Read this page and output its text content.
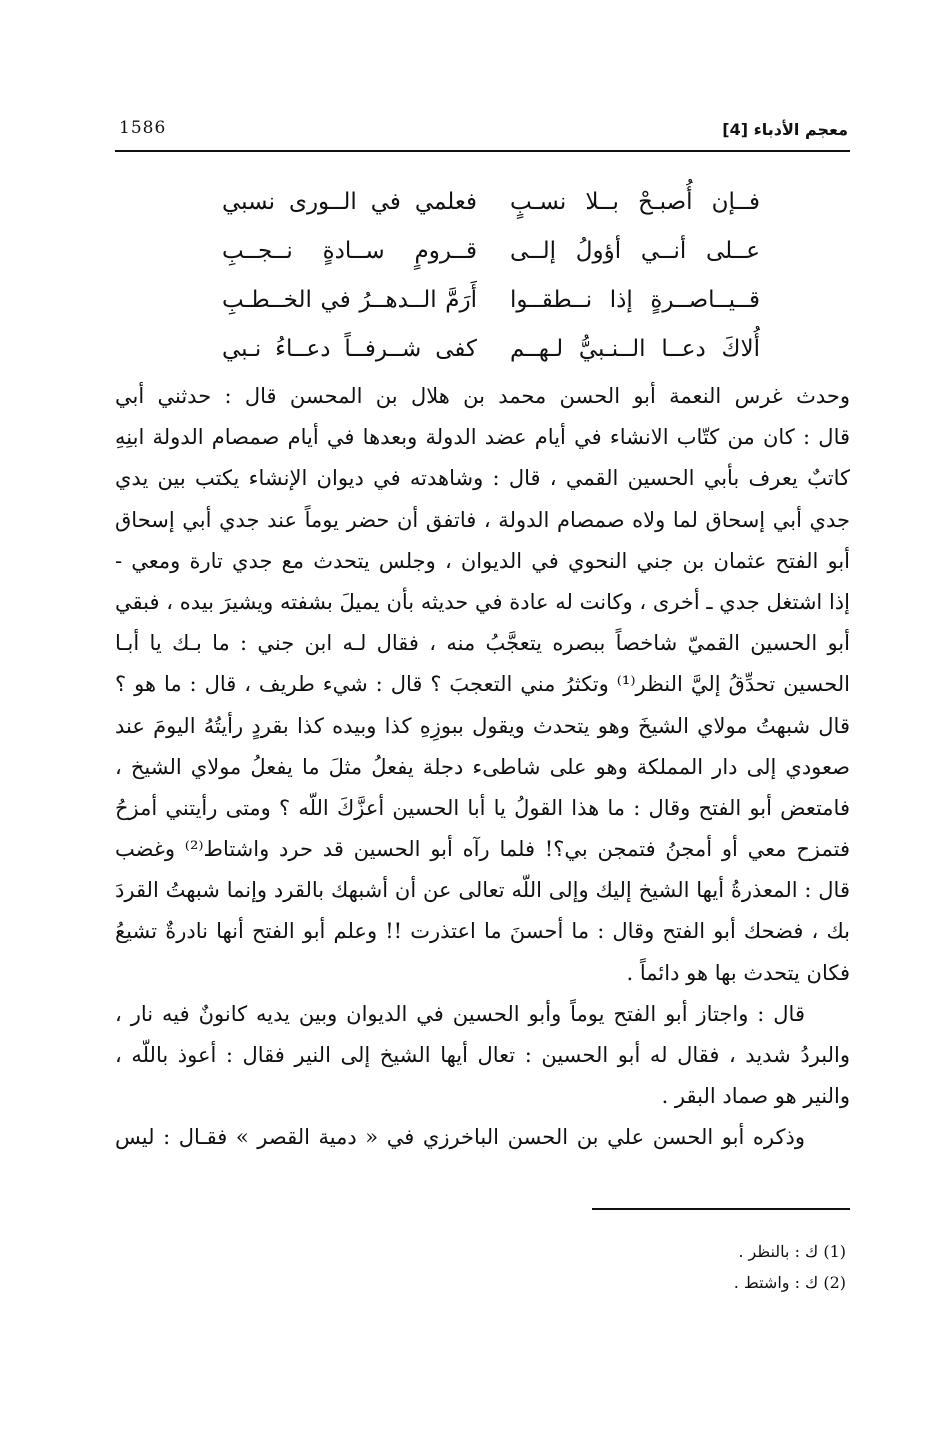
1586	معجم الأدباء [4]
فــإن أُصبـحْ بــلا نسـبٍ
فعلمي في الــورى نسبي
عــلى أنــي أؤولُ إلــى
قــرومٍ ســادةٍ نــجــبِ
قــيــاصــرةٍ إذا نــطقــوا
أَرَمَّ الــدهــرُ في الخــطـبِ
أُلاكَ دعــا الــنـبيُّ لـهــم
كفى شــرفــاً دعــاءُ نـبي
وحدث غرس النعمة أبو الحسن محمد بن هلال بن المحسن قال : حدثني أبي
قال : كان من كتّاب الانشاء في أيام عضد الدولة وبعدها في أيام صمصام الدولة ابنِهِ
كاتبٌ يعرف بأبي الحسين القمي ، قال : وشاهدته في ديوان الإنشاء يكتب بين يدي
جدي أبي إسحاق لما ولاه صمصام الدولة ، فاتفق أن حضر يوماً عند جدي أبي إسحاق
أبو الفتح عثمان بن جني النحوي في الديوان ، وجلس يتحدث مع جدي تارة ومعي -
إذا اشتغل جدي ـ أخرى ، وكانت له عادة في حديثه بأن يميلَ بشفته ويشيرَ بيده ، فبقي
أبو الحسين القميّ شاخصاً ببصره يتعجَّبُ منه ، فقال لـه ابن جني : ما بـك يا أبـا
الحسين تحدِّقُ إليَّ النظر⁽¹⁾ وتكثرُ مني التعجبَ ؟ قال : شيء طريف ، قال : ما هو ؟
قال شبهتُ مولاي الشيخَ وهو يتحدث ويقول ببوزِهِ كذا وبيده كذا بقردٍ رأيتُهُ اليومَ عند
صعودي إلى دار المملكة وهو على شاطىء دجلة يفعلُ مثلَ ما يفعلُ مولاي الشيخ ،
فامتعض أبو الفتح وقال : ما هذا القولُ يا أبا الحسين أعزَّكَ اللّه ؟ ومتى رأيتني أمزحُ
فتمزح معي أو أمجنُ فتمجن بي؟! فلما رآه أبو الحسين قد حرد واشتاط⁽²⁾ وغضب
قال : المعذرةُ أيها الشيخ إليك وإلى اللّه تعالى عن أن أشبهك بالقرد وإنما شبهتُ القردَ
بك ، فضحك أبو الفتح وقال : ما أحسنَ ما اعتذرت !! وعلم أبو الفتح أنها نادرةٌ تشيعُ
فكان يتحدث بها هو دائماً .
قال : واجتاز أبو الفتح يوماً وأبو الحسين في الديوان وبين يديه كانونٌ فيه نار ،
والبردُ شديد ، فقال له أبو الحسين : تعال أيها الشيخ إلى النير فقال : أعوذ باللّه ،
والنير هو صماد البقر .
وذكره أبو الحسن علي بن الحسن الباخرزي في « دمية القصر » فقـال : ليس
(1) ك : بالنظر .
(2) ك : واشتط .
